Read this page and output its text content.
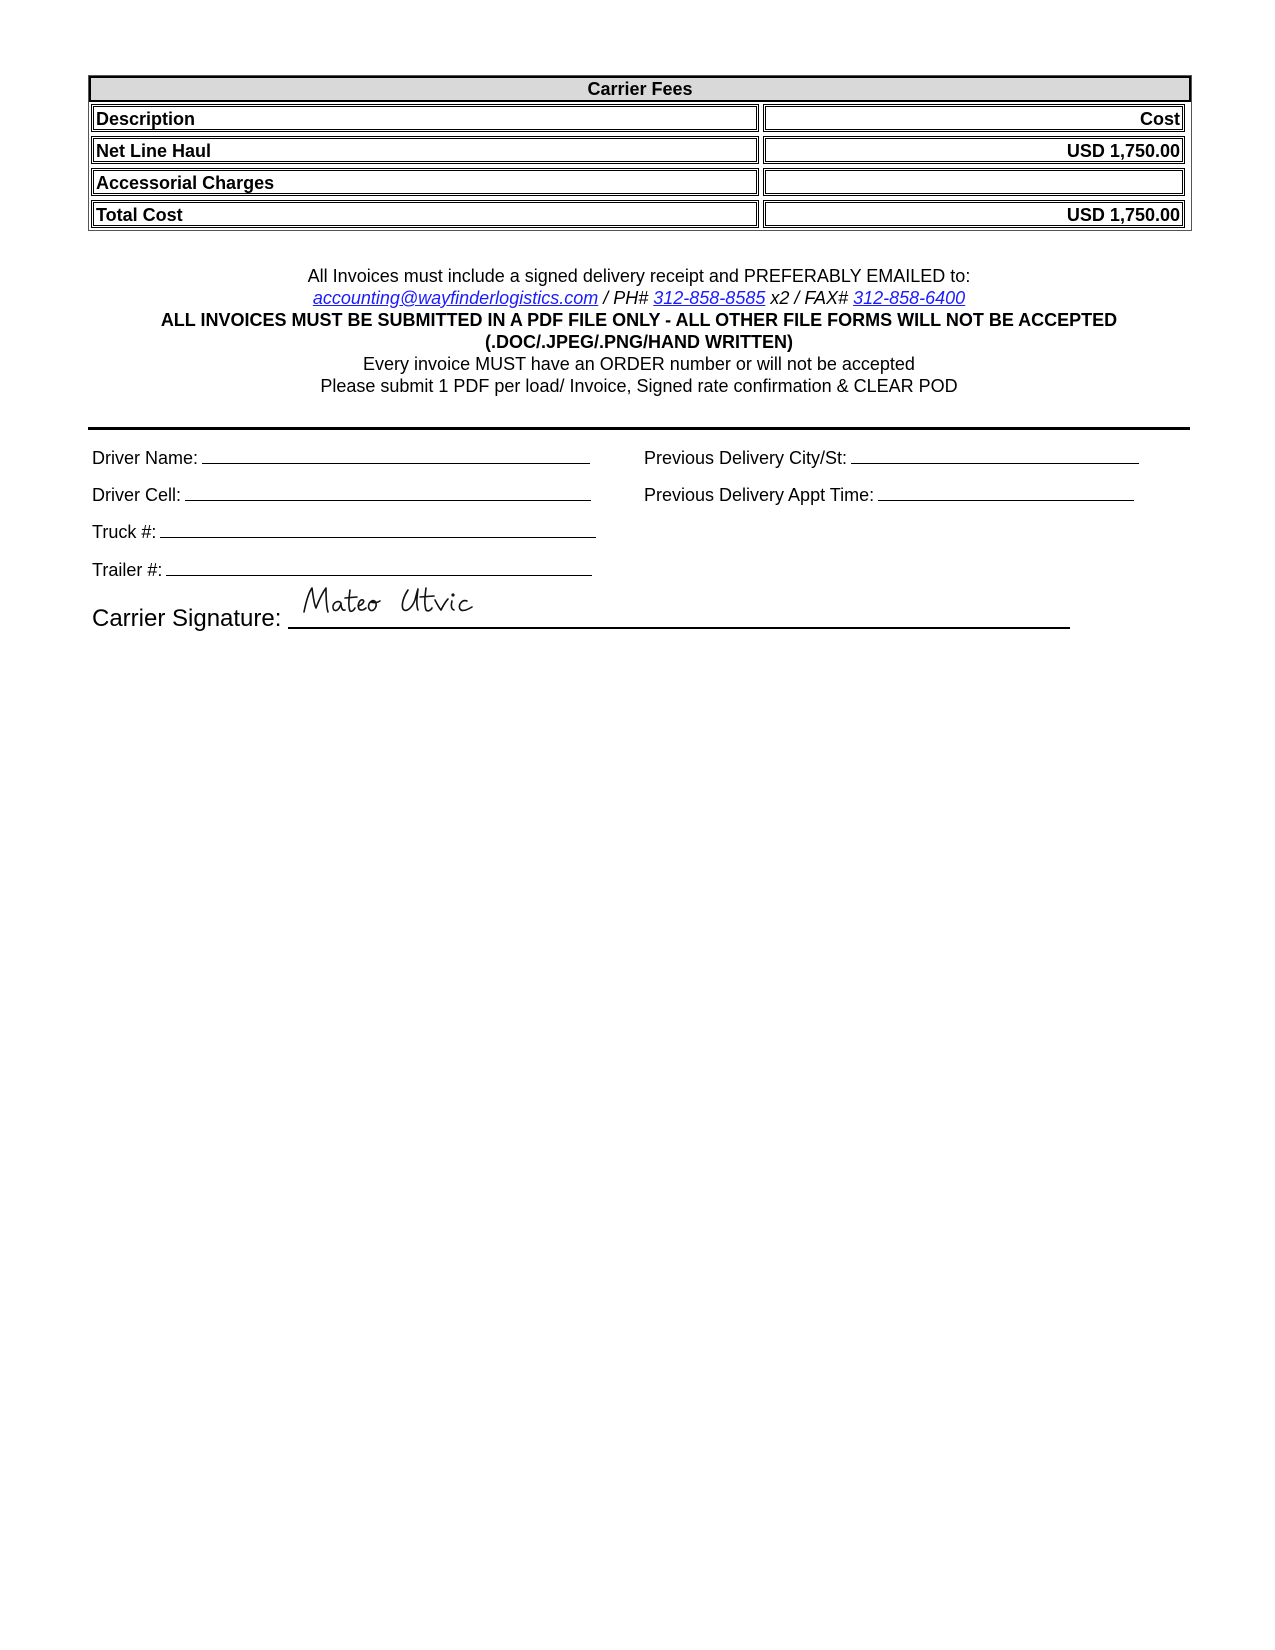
Carrier Fees
Description	Cost
Net Line Haul	USD 1,750.00
Accessorial Charges
Total Cost	USD 1,750.00
All Invoices must include a signed delivery receipt and PREFERABLY EMAILED to:
accounting@wayfinderlogistics.com / PH# 312-858-8585 x2 / FAX# 312-858-6400
ALL INVOICES MUST BE SUBMITTED IN A PDF FILE ONLY - ALL OTHER FILE FORMS WILL NOT BE ACCEPTED
(.DOC/.JPEG/.PNG/HAND WRITTEN)
Every invoice MUST have an ORDER number or will not be accepted
Please submit 1 PDF per load/ Invoice, Signed rate confirmation & CLEAR POD
Driver Name:
Driver Cell:
Truck #:
Trailer #:
Previous Delivery City/St:
Previous Delivery Appt Time:
Carrier Signature:
